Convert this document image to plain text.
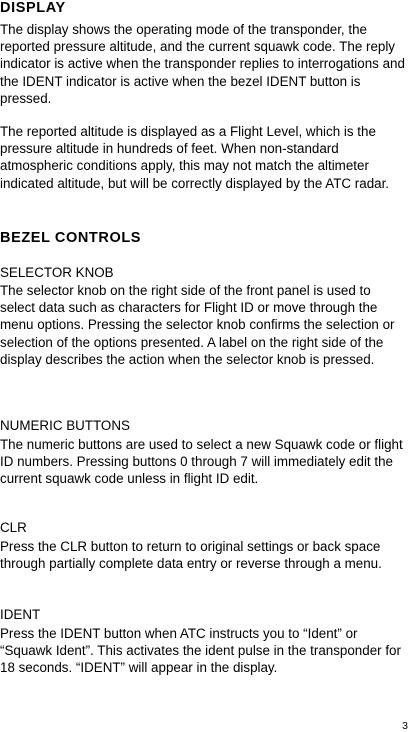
DISPLAY

The display shows the operating mode of the transponder, the reported pressure altitude, and the current squawk code. The reply indicator is active when the transponder replies to interrogations and the IDENT indicator is active when the bezel IDENT button is pressed.

The reported altitude is displayed as a Flight Level, which is the pressure altitude in hundreds of feet. When non-standard atmospheric conditions apply, this may not match the altimeter indicated altitude, but will be correctly displayed by the ATC radar.

BEZEL CONTROLS
SELECTOR KNOB

The selector knob on the right side of the front panel is used to select data such as characters for Flight ID or move through the menu options. Pressing the selector knob confirms the selection or selection of the options presented. A label on the right side of the display describes the action when the selector knob is pressed.

NUMERIC BUTTONS

The numeric buttons are used to select a new Squawk code or flight ID numbers. Pressing buttons 0 through 7 will immediately edit the current squawk code unless in flight ID edit.

CLR

Press the CLR button to return to original settings or back space through partially complete data entry or reverse through a menu.

IDENT

Press the IDENT button when ATC instructs you to “Ident” or “Squawk Ident”. This activates the ident pulse in the transponder for 18 seconds. “IDENT” will appear in the display.

3
